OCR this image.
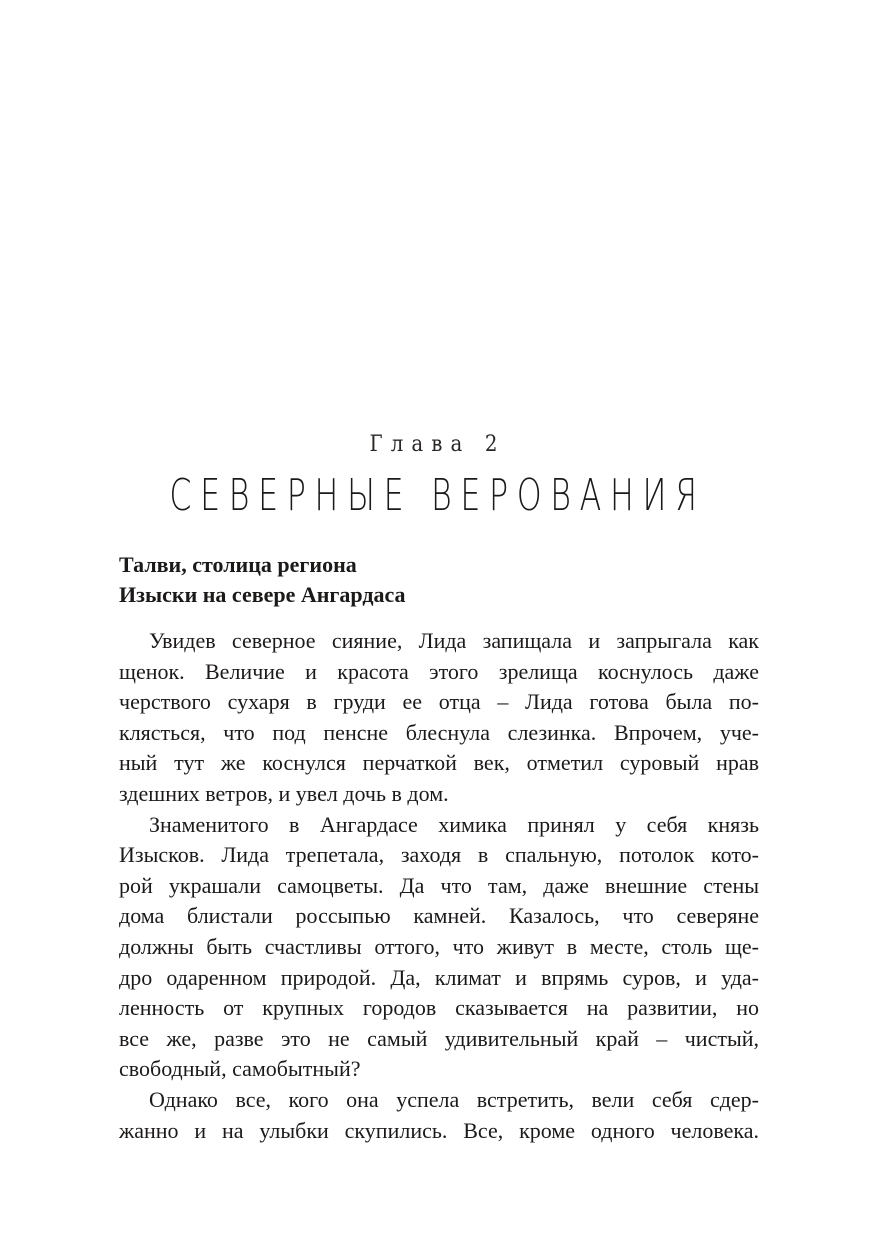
Глава 2
СЕВЕРНЫЕ ВЕРОВАНИЯ
Талви, столица региона
Изыски на севере Ангардаса
Увидев северное сияние, Лида запищала и запрыгала как
щенок. Величие и красота этого зрелища коснулось даже
черствого сухаря в груди ее отца – Лида готова была по-
клясться, что под пенсне блеснула слезинка. Впрочем, уче-
ный тут же коснулся перчаткой век, отметил суровый нрав
здешних ветров, и увел дочь в дом.
Знаменитого в Ангардасе химика принял у себя князь
Изысков. Лида трепетала, заходя в спальную, потолок кото-
рой украшали самоцветы. Да что там, даже внешние стены
дома блистали россыпью камней. Казалось, что северяне
должны быть счастливы оттого, что живут в месте, столь ще-
дро одаренном природой. Да, климат и впрямь суров, и уда-
ленность от крупных городов сказывается на развитии, но
все же, разве это не самый удивительный край – чистый,
свободный, самобытный?
Однако все, кого она успела встретить, вели себя сдер-
жанно и на улыбки скупились. Все, кроме одного человека.
